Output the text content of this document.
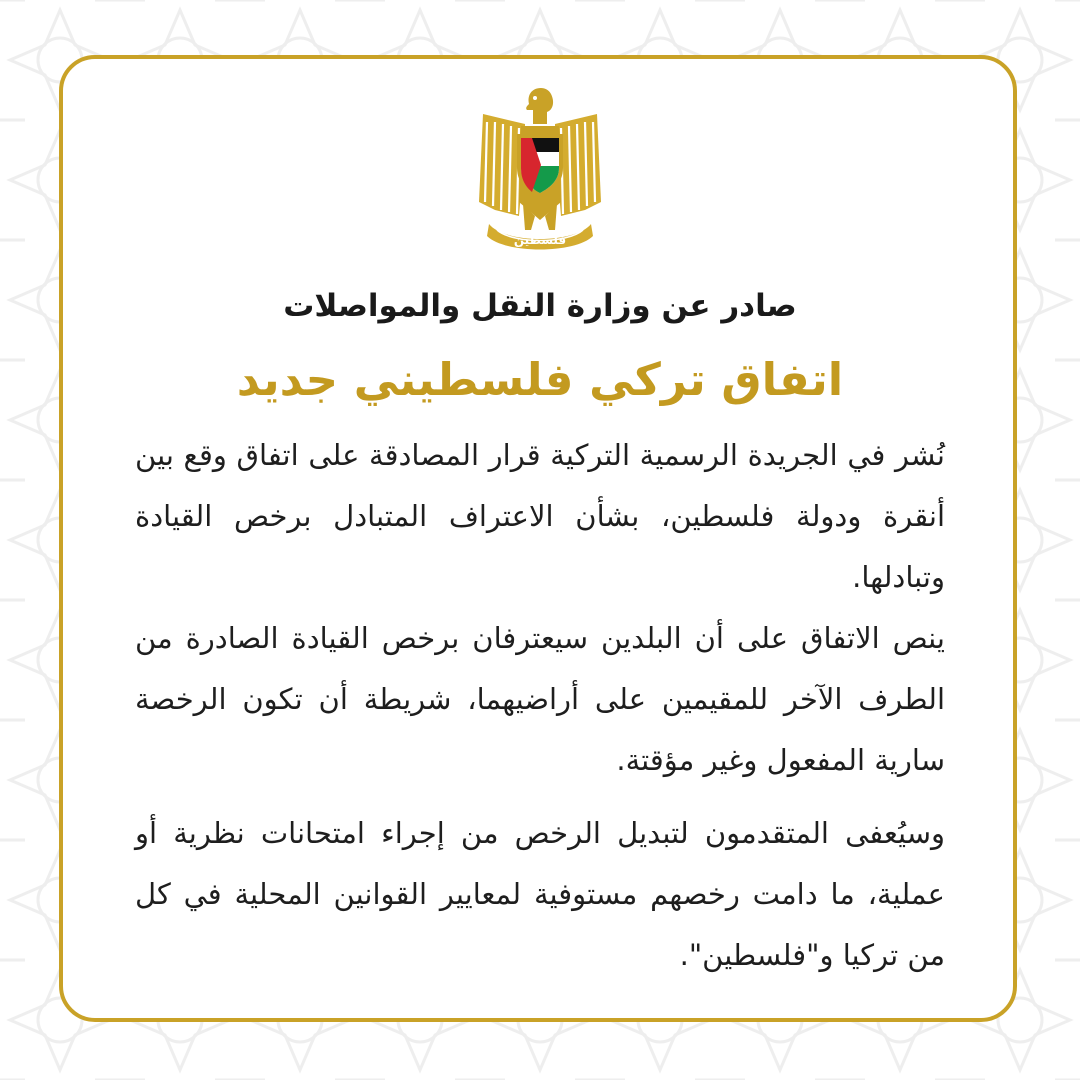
فلسطين
صادر عن وزارة النقل والمواصلات
اتفاق تركي فلسطيني جديد

نُشر في الجريدة الرسمية التركية قرار المصادقة على اتفاق وقع بين أنقرة ودولة فلسطين، بشأن الاعتراف المتبادل برخص القيادة وتبادلها.

ينص الاتفاق على أن البلدين سيعترفان برخص القيادة الصادرة من الطرف الآخر للمقيمين على أراضيهما، شريطة أن تكون الرخصة سارية المفعول وغير مؤقتة.

وسيُعفى المتقدمون لتبديل الرخص من إجراء امتحانات نظرية أو عملية، ما دامت رخصهم مستوفية لمعايير القوانين المحلية في كل من تركيا و"فلسطين".
